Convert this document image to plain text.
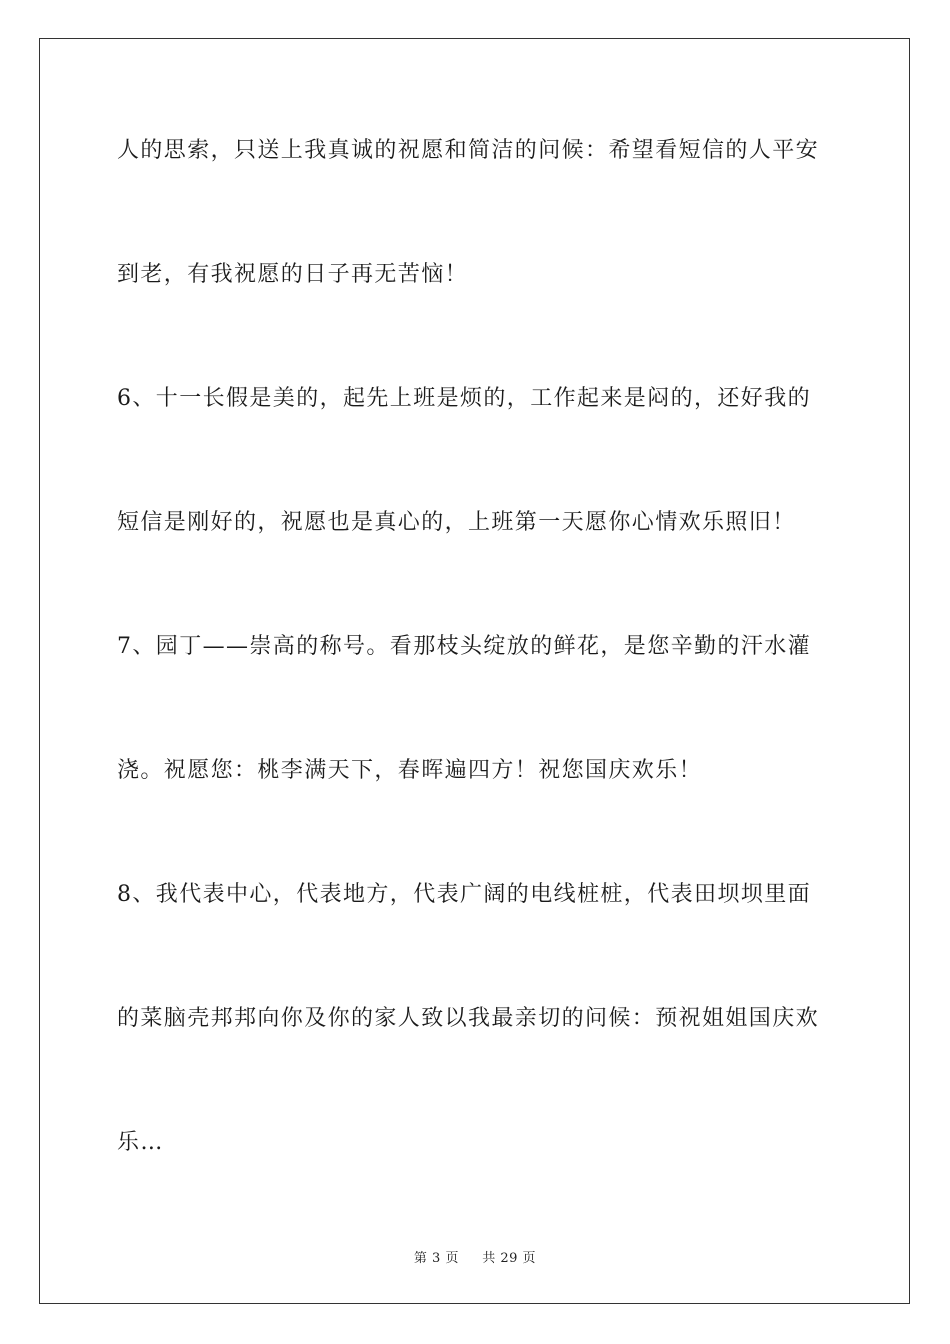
人的思索，只送上我真诚的祝愿和简洁的问候：希望看短信的人平安
到老，有我祝愿的日子再无苦恼！
6、十一长假是美的，起先上班是烦的，工作起来是闷的，还好我的
短信是刚好的，祝愿也是真心的，上班第一天愿你心情欢乐照旧！
7、园丁——崇高的称号。看那枝头绽放的鲜花，是您辛勤的汗水灌
浇。祝愿您：桃李满天下，春晖遍四方！祝您国庆欢乐！
8、我代表中心，代表地方，代表广阔的电线桩桩，代表田坝坝里面
的菜脑壳邦邦向你及你的家人致以我最亲切的问候：预祝姐姐国庆欢
乐…
第 3 页 共 29 页
